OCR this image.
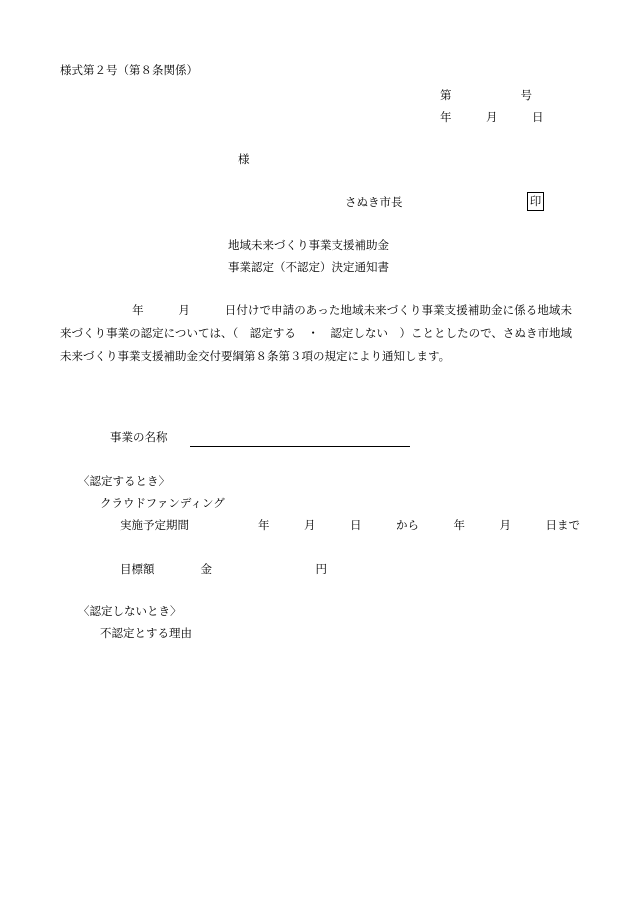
様式第２号（第８条関係）
第　　　　　　号
年　　　月　　　日
様
さぬき市長	印
地域未来づくり事業支援補助金
事業認定（不認定）決定通知書
年　　　月　　　日付けで申請のあった地域未来づくり事業支援補助金に係る地域未来づくり事業の認定については、（　認定する　・　認定しない　）こととしたので、さぬき市地域未来づくり事業支援補助金交付要綱第８条第３項の規定により通知します。
事業の名称
〈認定するとき〉
クラウドファンディング
実施予定期間　　　　　　	年　　　月　　　日　　　から　　　年　　　月　　　日まで
目標額　　　　	金　　　　　　　　　	円
〈認定しないとき〉
不認定とする理由
